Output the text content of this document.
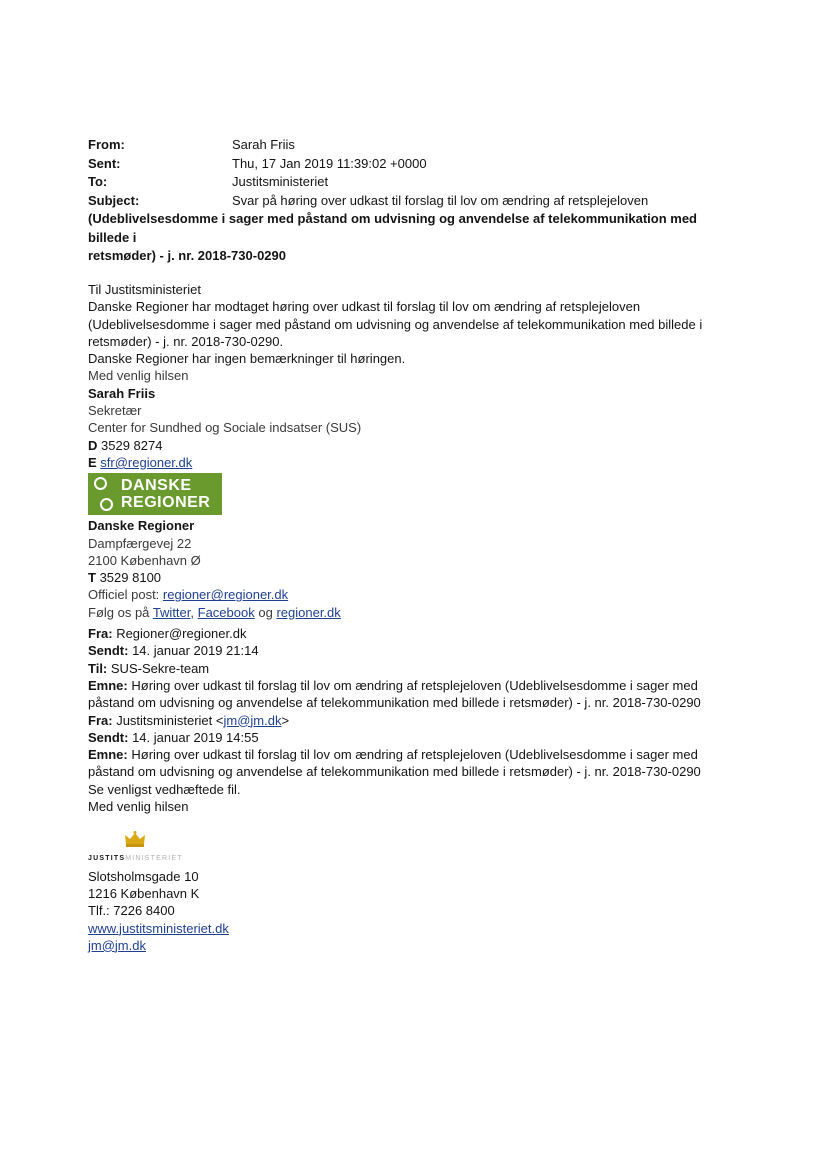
From:	Sarah Friis
Sent:	Thu, 17 Jan 2019 11:39:02 +0000
To:	Justitsministeriet
Subject:	Svar på høring over udkast til forslag til lov om ændring af retsplejeloven
(Udeblivelsesdomme i sager med påstand om udvisning og anvendelse af telekommunikation med billede i
retsmøder) - j. nr. 2018-730-0290

Til Justitsministeriet

Danske Regioner har modtaget høring over udkast til forslag til lov om ændring af retsplejeloven

(Udeblivelsesdomme i sager med påstand om udvisning og anvendelse af telekommunikation med billede i

retsmøder) - j. nr. 2018-730-0290.

Danske Regioner har ingen bemærkninger til høringen.

Med venlig hilsen

Sarah Friis

Sekretær

Center for Sundhed og Sociale indsatser (SUS)

D 3529 8274

E sfr@regioner.dk

DANSKE
REGIONER

Danske Regioner

Dampfærgevej 22

2100 København Ø

T 3529 8100

Officiel post: regioner@regioner.dk

Følg os på Twitter, Facebook og regioner.dk

Fra: Regioner@regioner.dk

Sendt: 14. januar 2019 21:14

Til: SUS-Sekre-team

Emne: Høring over udkast til forslag til lov om ændring af retsplejeloven (Udeblivelsesdomme i sager med

påstand om udvisning og anvendelse af telekommunikation med billede i retsmøder) - j. nr. 2018-730-0290

Fra: Justitsministeriet <jm@jm.dk>

Sendt: 14. januar 2019 14:55

Emne: Høring over udkast til forslag til lov om ændring af retsplejeloven (Udeblivelsesdomme i sager med

påstand om udvisning og anvendelse af telekommunikation med billede i retsmøder) - j. nr. 2018-730-0290

Se venligst vedhæftede fil.

Med venlig hilsen

JUSTITSMINISTERIET

Slotsholmsgade 10

1216 København K

Tlf.: 7226 8400

www.justitsministeriet.dk

jm@jm.dk
